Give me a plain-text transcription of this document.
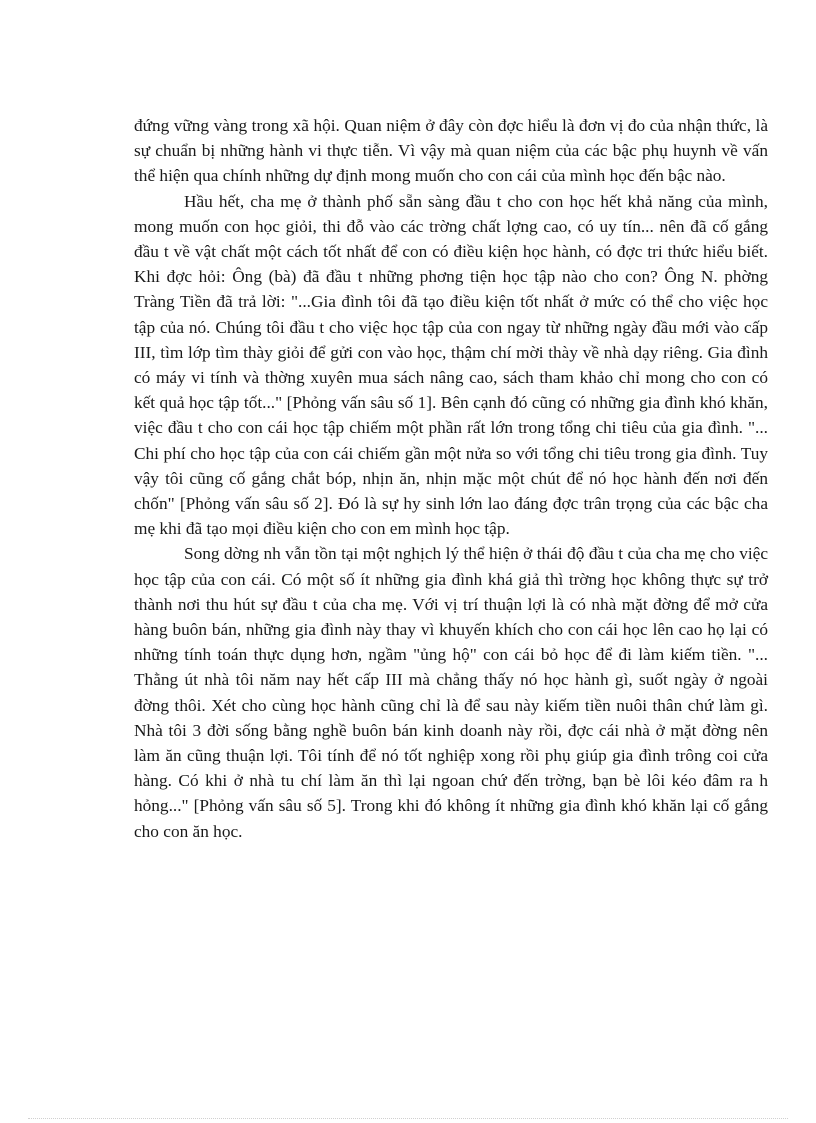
đứng vững vàng trong xã hội. Quan niệm ở đây còn đợc hiểu là đơn vị đo của nhận thức, là sự chuẩn bị những hành vi thực tiễn. Vì vậy mà quan niệm của các bậc phụ huynh về vấn thể hiện qua chính những dự định mong muốn cho con cái của mình học đến bậc nào.

Hầu hết, cha mẹ ở thành phố sẵn sàng đầu t cho con học hết khả năng của mình, mong muốn con học giỏi, thi đỗ vào các trờng chất lợng cao, có uy tín... nên đã cố gắng đầu t về vật chất một cách tốt nhất để con có điều kiện học hành, có đợc tri thức hiểu biết. Khi đợc hỏi: Ông (bà) đã đầu t những phơng tiện học tập nào cho con? Ông N. phờng Tràng Tiền đã trả lời: "...Gia đình tôi đã tạo điều kiện tốt nhất ở mức có thể cho việc học tập của nó. Chúng tôi đầu t cho việc học tập của con ngay từ những ngày đầu mới vào cấp III, tìm lớp tìm thày giỏi để gửi con vào học, thậm chí mời thày về nhà dạy riêng. Gia đình có máy vi tính và thờng xuyên mua sách nâng cao, sách tham khảo chỉ mong cho con có kết quả học tập tốt..." [Phỏng vấn sâu số 1]. Bên cạnh đó cũng có những gia đình khó khăn, việc đầu t cho con cái học tập chiếm một phần rất lớn trong tổng chi tiêu của gia đình. "... Chi phí cho học tập của con cái chiếm gần một nửa so với tổng chi tiêu trong gia đình. Tuy vậy tôi cũng cố gắng chắt bóp, nhịn ăn, nhịn mặc một chút để nó học hành đến nơi đến chốn" [Phỏng vấn sâu số 2]. Đó là sự hy sinh lớn lao đáng đợc trân trọng của các bậc cha mẹ khi đã tạo mọi điều kiện cho con em mình học tập.

Song dờng nh vẫn tồn tại một nghịch lý thể hiện ở thái độ đầu t của cha mẹ cho việc học tập của con cái. Có một số ít những gia đình khá giả thì trờng học không thực sự trở thành nơi thu hút sự đầu t của cha mẹ. Với vị trí thuận lợi là có nhà mặt đờng để mở cửa hàng buôn bán, những gia đình này thay vì khuyến khích cho con cái học lên cao họ lại có những tính toán thực dụng hơn, ngầm "ủng hộ" con cái bỏ học để đi làm kiếm tiền. "... Thằng út nhà tôi năm nay hết cấp III mà chẳng thấy nó học hành gì, suốt ngày ở ngoài đờng thôi. Xét cho cùng học hành cũng chỉ là để sau này kiếm tiền nuôi thân chứ làm gì. Nhà tôi 3 đời sống bằng nghề buôn bán kinh doanh này rồi, đợc cái nhà ở mặt đờng nên làm ăn cũng thuận lợi. Tôi tính để nó tốt nghiệp xong rồi phụ giúp gia đình trông coi cửa hàng. Có khi ở nhà tu chí làm ăn thì lại ngoan chứ đến trờng, bạn bè lôi kéo đâm ra h hỏng..." [Phỏng vấn sâu số 5]. Trong khi đó không ít những gia đình khó khăn lại cố gắng cho con ăn học.
